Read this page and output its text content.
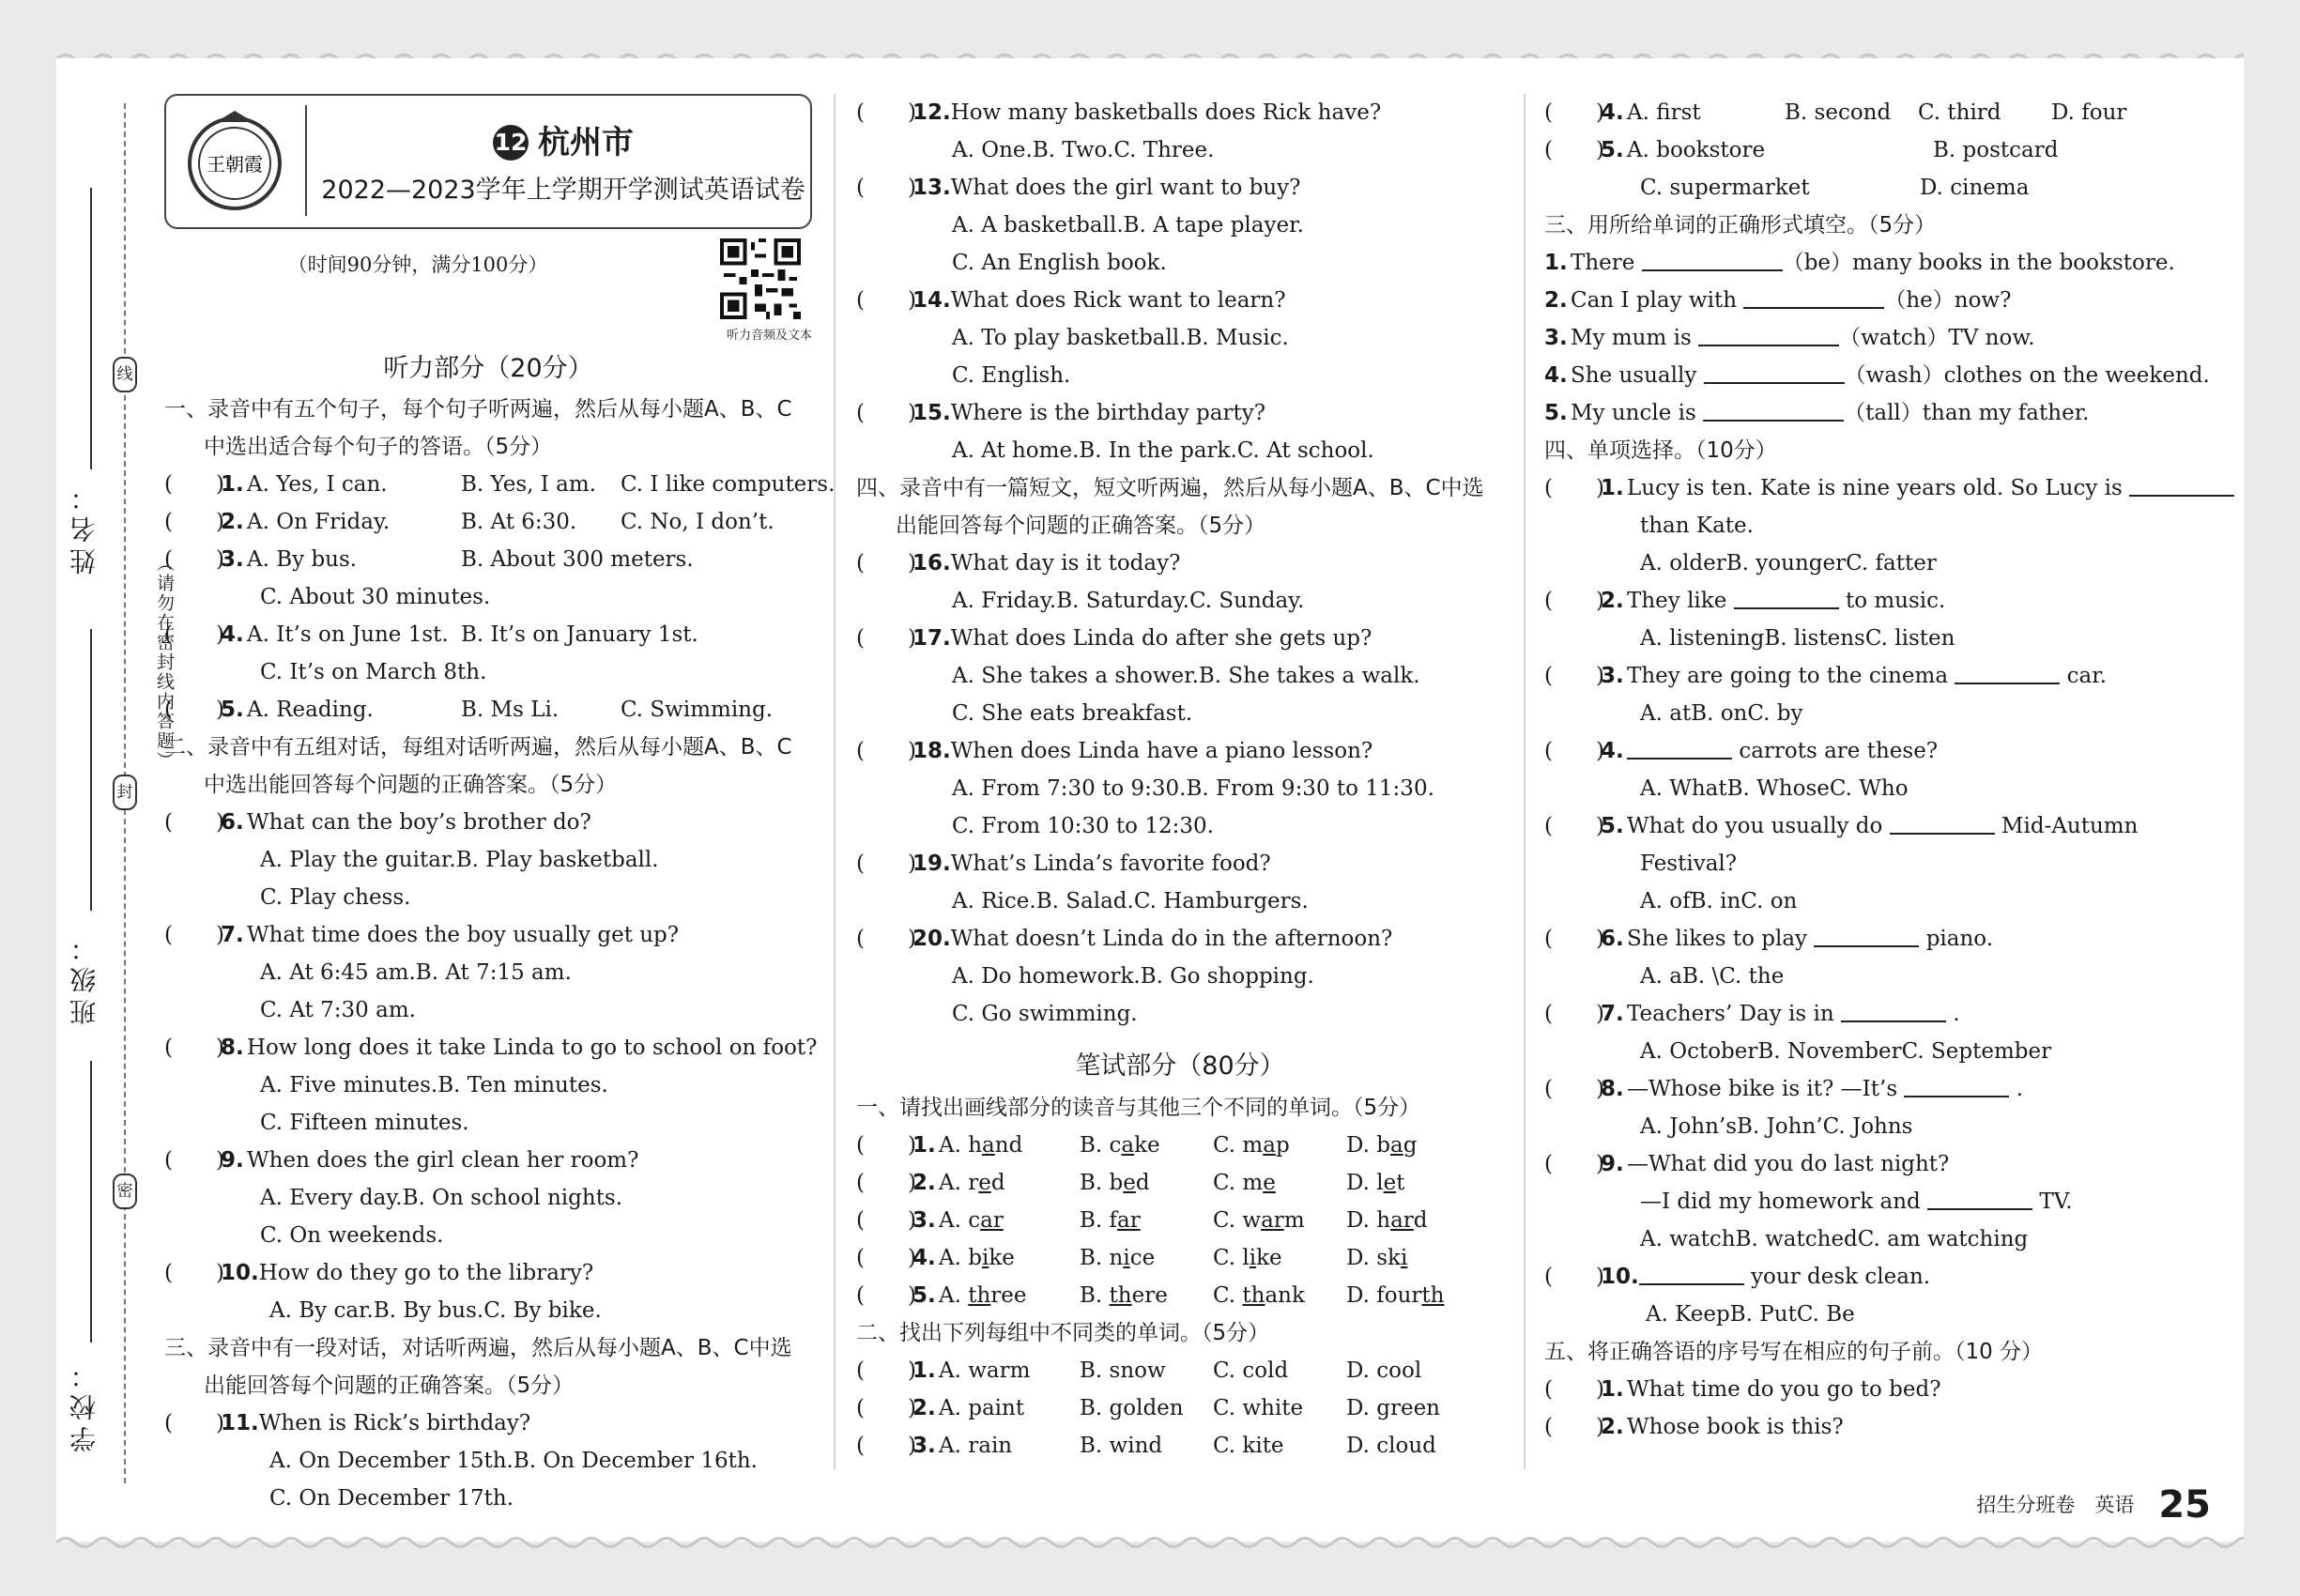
姓名：
班级：
学校：
线
封
密
（请勿在密封线内答题）
王朝霞
12 杭州市
2022—2023学年上学期开学测试英语试卷
（时间90分钟，满分100分）
听力音频及文本
听力部分（20分）
一、录音中有五个句子，每个句子听两遍，然后从每小题A、B、C
中选出适合每个句子的答语。（5分）
(　　)1. A. Yes, I can.	B. Yes, I am. C. I like computers.
(　　)2. A. On Friday.	B. At 6:30. C. No, I don’t.
(　　)3. A. By bus.	B. About 300 meters.
C. About 30 minutes.
(　　)4. A. It’s on June 1st. B. It’s on January 1st.
C. It’s on March 8th.
(　　)5. A. Reading.	B. Ms Li.	C. Swimming.
二、录音中有五组对话，每组对话听两遍，然后从每小题A、B、C
中选出能回答每个问题的正确答案。（5分）
(　　)6. What can the boy’s brother do?
A. Play the guitar.B. Play basketball.
C. Play chess.
(　　)7. What time does the boy usually get up?
A. At 6:45 am.B. At 7:15 am.
C. At 7:30 am.
(　　)8. How long does it take Linda to go to school on foot?
A. Five minutes.B. Ten minutes.
C. Fifteen minutes.
(　　)9. When does the girl clean her room?
A. Every day.B. On school nights.
C. On weekends.
(　　)10.How do they go to the library?
A. By car.B. By bus.C. By bike.
三、录音中有一段对话，对话听两遍，然后从每小题A、B、C中选
出能回答每个问题的正确答案。（5分）
(　　)11.When is Rick’s birthday?
A. On December 15th.B. On December 16th.
C. On December 17th.
(　　)12.How many basketballs does Rick have?
A. One.B. Two.C. Three.
(　　)13.What does the girl want to buy?
A. A basketball.B. A tape player.
C. An English book.
(　　)14.What does Rick want to learn?
A. To play basketball.B. Music.
C. English.
(　　)15.Where is the birthday party?
A. At home.B. In the park.C. At school.
四、录音中有一篇短文，短文听两遍，然后从每小题A、B、C中选
出能回答每个问题的正确答案。（5分）
(　　)16.What day is it today?
A. Friday.B. Saturday.C. Sunday.
(　　)17.What does Linda do after she gets up?
A. She takes a shower.B. She takes a walk.
C. She eats breakfast.
(　　)18.When does Linda have a piano lesson?
A. From 7:30 to 9:30.B. From 9:30 to 11:30.
C. From 10:30 to 12:30.
(　　)19.What’s Linda’s favorite food?
A. Rice.B. Salad.C. Hamburgers.
(　　)20.What doesn’t Linda do in the afternoon?
A. Do homework.B. Go shopping.
C. Go swimming.
笔试部分（80分）
一、请找出画线部分的读音与其他三个不同的单词。（5分）
(　　)1. A. hand	B. cake C. map	D. bag
(　　)2. A. red	B. bed	C. me	D. let
(　　)3. A. car	B. far	C. warm D. hard
(　　)4. A. bike	B. nice	C. like	D. ski
(　　)5. A. three B. there C. thank D. fourth
二、找出下列每组中不同类的单词。（5分）
(　　)1. A. warm B. snow C. cold	D. cool
(　　)2. A. paint	B. golden C. white D. green
(　　)3. A. rain	B. wind C. kite	D. cloud
(　　)4. A. first	B. second C. third D. four
(　　)5. A. bookstore	B. postcard
C. supermarket	D. cinema
三、用所给单词的正确形式填空。（5分）
1. There	（be）many books in the bookstore.
2. Can I play with	（he）now?
3. My mum is	（watch）TV now.
4. She usually	（wash）clothes on the weekend.
5. My uncle is	（tall）than my father.
四、单项选择。（10分）
(　　)1. Lucy is ten. Kate is nine years old. So Lucy is
than Kate.
A. olderB. youngerC. fatter
(　　)2. They like	to music.
A. listeningB. listensC. listen
(　　)3. They are going to the cinema	car.
A. atB. onC. by
(　　)4.	carrots are these?
A. WhatB. WhoseC. Who
(　　)5. What do you usually do	Mid-Autumn
Festival?
A. ofB. inC. on
(　　)6. She likes to play	piano.
A. aB. \C. the
(　　)7. Teachers’ Day is in	.
A. OctoberB. NovemberC. September
(　　)8. —Whose bike is it? —It’s	.
A. John’sB. John’C. Johns
(　　)9. —What did you do last night?
—I did my homework and	TV.
A. watchB. watchedC. am watching
(　　)10.	your desk clean.
A. KeepB. PutC. Be
五、将正确答语的序号写在相应的句子前。（10 分）
(　　)1. What time do you go to bed?
(　　)2. Whose book is this?
招生分班卷　英语 25
